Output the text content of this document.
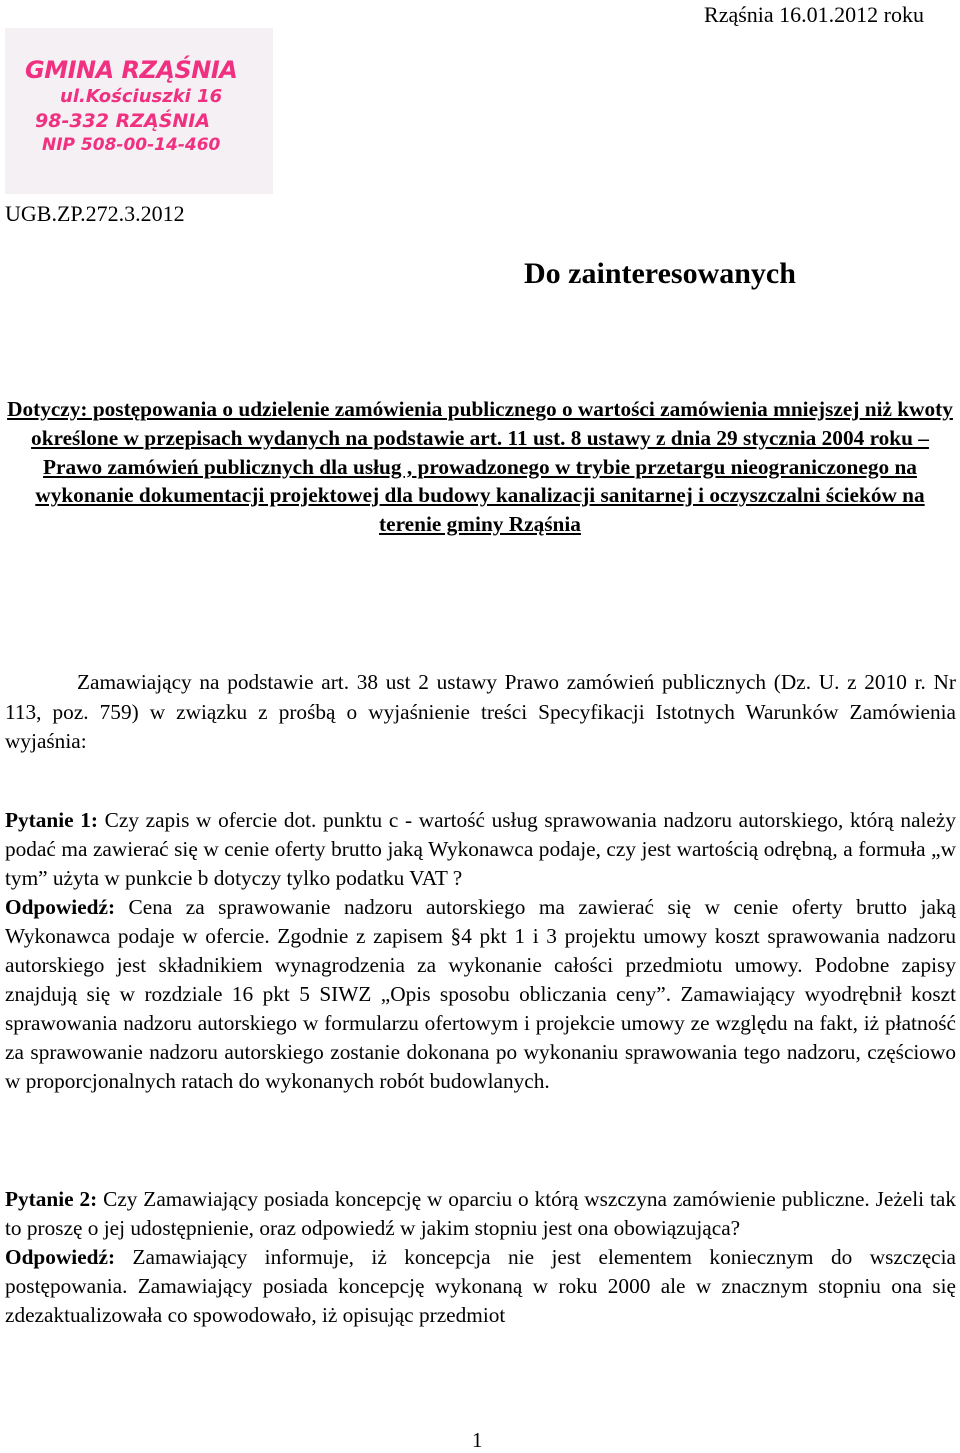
Rząśnia 16.01.2012 roku

GMINA RZĄŚNIA

ul.Kościuszki 16

98-332 RZĄŚNIA

NIP 508-00-14-460

UGB.ZP.272.3.2012

Do zainteresowanych

Dotyczy: postępowania o udzielenie zamówienia publicznego o wartości zamówienia mniejszej niż kwoty określone w przepisach wydanych na podstawie art. 11 ust. 8 ustawy z dnia 29 stycznia 2004 roku – Prawo zamówień publicznych dla usług , prowadzonego w trybie przetargu nieograniczonego na wykonanie dokumentacji projektowej dla budowy kanalizacji sanitarnej i oczyszczalni ścieków na terenie gminy Rząśnia

Zamawiający na podstawie art. 38 ust 2 ustawy Prawo zamówień publicznych (Dz. U. z 2010 r. Nr 113, poz. 759) w związku z prośbą o wyjaśnienie treści Specyfikacji Istotnych Warunków Zamówienia wyjaśnia:

Pytanie 1: Czy zapis w ofercie dot. punktu c - wartość usług sprawowania nadzoru autorskiego, którą należy podać ma zawierać się w cenie oferty brutto jaką Wykonawca podaje, czy jest wartością odrębną, a formuła „w tym” użyta w punkcie b dotyczy tylko podatku VAT ?
Odpowiedź: Cena za sprawowanie nadzoru autorskiego ma zawierać się w cenie oferty brutto jaką Wykonawca podaje w ofercie. Zgodnie z zapisem §4 pkt 1 i 3 projektu umowy koszt sprawowania nadzoru autorskiego jest składnikiem wynagrodzenia za wykonanie całości przedmiotu umowy. Podobne zapisy znajdują się w rozdziale 16 pkt 5 SIWZ „Opis sposobu obliczania ceny”. Zamawiający wyodrębnił koszt sprawowania nadzoru autorskiego w formularzu ofertowym i projekcie umowy ze względu na fakt, iż płatność za sprawowanie nadzoru autorskiego zostanie dokonana po wykonaniu sprawowania tego nadzoru, częściowo w proporcjonalnych ratach do wykonanych robót budowlanych.

Pytanie 2: Czy Zamawiający posiada koncepcję w oparciu o którą wszczyna zamówienie publiczne. Jeżeli tak to proszę o jej udostępnienie, oraz odpowiedź w jakim stopniu jest ona obowiązująca?
Odpowiedź: Zamawiający informuje, iż koncepcja nie jest elementem koniecznym do wszczęcia postępowania. Zamawiający posiada koncepcję wykonaną w roku 2000 ale w znacznym stopniu ona się zdezaktualizowała co spowodowało, iż opisując przedmiot

1
